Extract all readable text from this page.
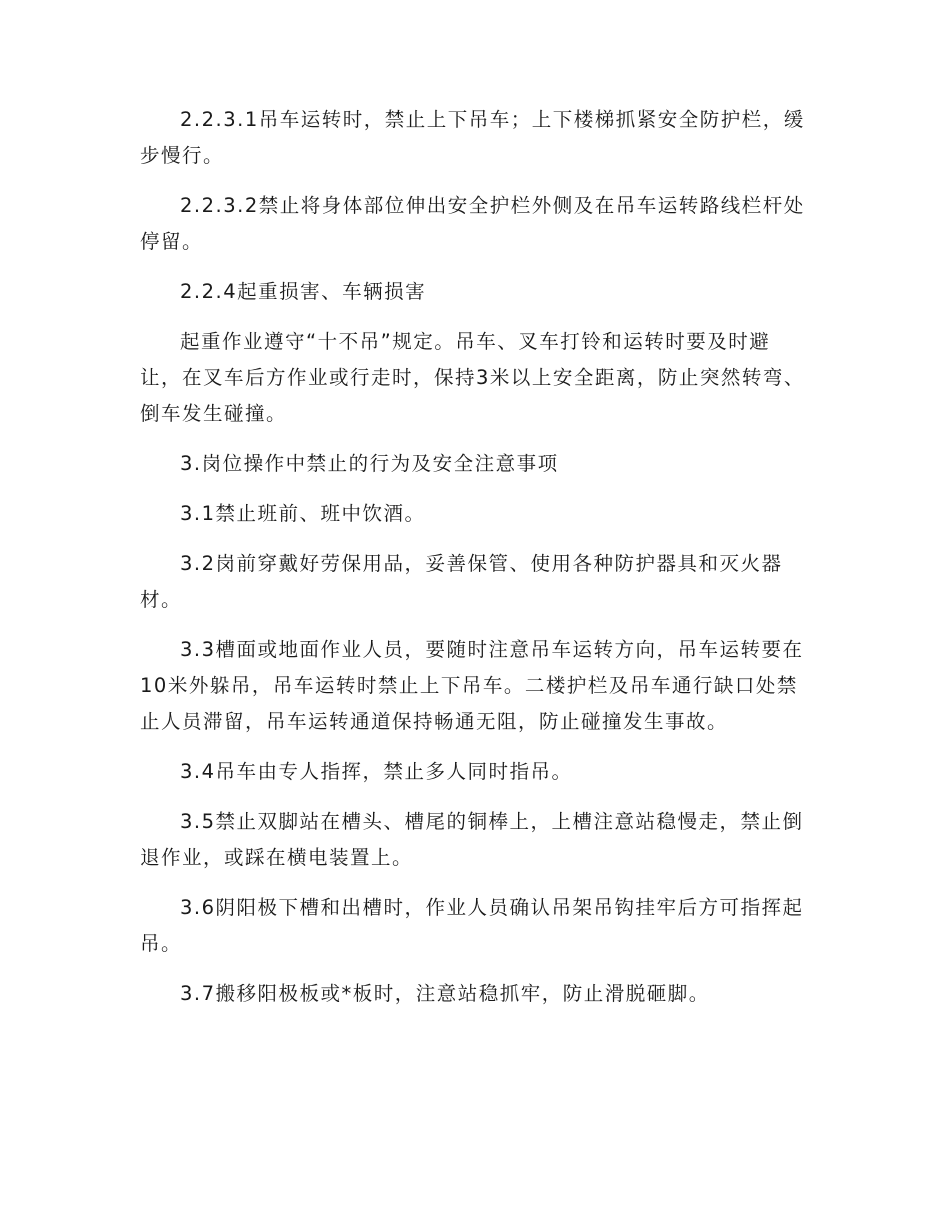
2.2.3.1吊车运转时，禁止上下吊车；上下楼梯抓紧安全防护栏，缓步慢行。

2.2.3.2禁止将身体部位伸出安全护栏外侧及在吊车运转路线栏杆处停留。

2.2.4起重损害、车辆损害

起重作业遵守“十不吊”规定。吊车、叉车打铃和运转时要及时避让，在叉车后方作业或行走时，保持3米以上安全距离，防止突然转弯、倒车发生碰撞。

3.岗位操作中禁止的行为及安全注意事项

3.1禁止班前、班中饮酒。

3.2岗前穿戴好劳保用品，妥善保管、使用各种防护器具和灭火器材。

3.3槽面或地面作业人员，要随时注意吊车运转方向，吊车运转要在10米外躲吊，吊车运转时禁止上下吊车。二楼护栏及吊车通行缺口处禁止人员滞留，吊车运转通道保持畅通无阻，防止碰撞发生事故。

3.4吊车由专人指挥，禁止多人同时指吊。

3.5禁止双脚站在槽头、槽尾的铜棒上，上槽注意站稳慢走，禁止倒退作业，或踩在横电装置上。

3.6阴阳极下槽和出槽时，作业人员确认吊架吊钩挂牢后方可指挥起吊。

3.7搬移阳极板或*板时，注意站稳抓牢，防止滑脱砸脚。
